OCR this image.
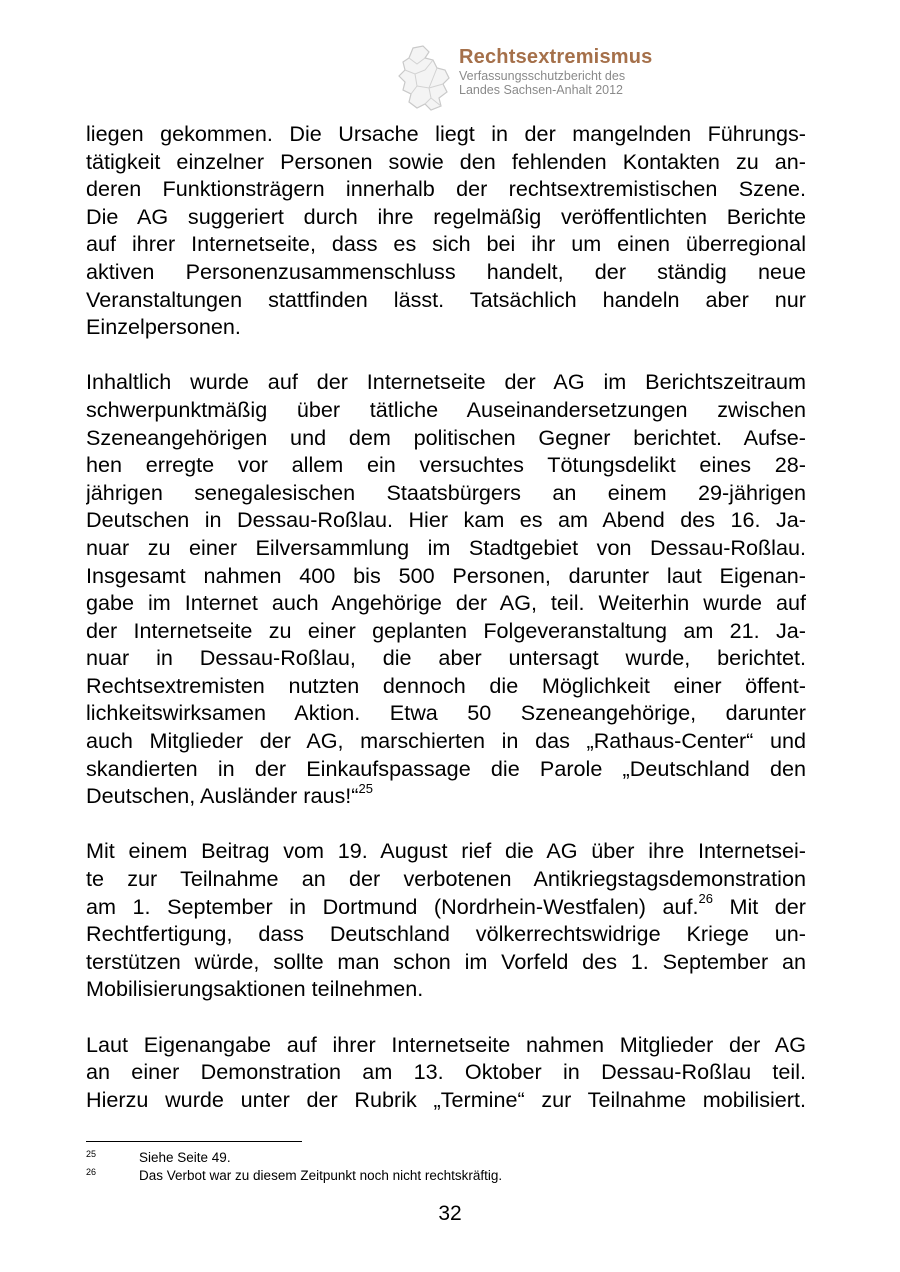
Rechtsextremismus
Verfassungsschutzbericht des
Landes Sachsen-Anhalt 2012
liegen gekommen. Die Ursache liegt in der mangelnden Führungs-
tätigkeit einzelner Personen sowie den fehlenden Kontakten zu an-
deren Funktionsträgern innerhalb der rechtsextremistischen Szene.
Die AG suggeriert durch ihre regelmäßig veröffentlichten Berichte
auf ihrer Internetseite, dass es sich bei ihr um einen überregional
aktiven Personenzusammenschluss handelt, der ständig neue
Veranstaltungen stattfinden lässt. Tatsächlich handeln aber nur
Einzelpersonen.
Inhaltlich wurde auf der Internetseite der AG im Berichtszeitraum
schwerpunktmäßig über tätliche Auseinandersetzungen zwischen
Szeneangehörigen und dem politischen Gegner berichtet. Aufse-
hen erregte vor allem ein versuchtes Tötungsdelikt eines 28-
jährigen senegalesischen Staatsbürgers an einem 29-jährigen
Deutschen in Dessau-Roßlau. Hier kam es am Abend des 16. Ja-
nuar zu einer Eilversammlung im Stadtgebiet von Dessau-Roßlau.
Insgesamt nahmen 400 bis 500 Personen, darunter laut Eigenan-
gabe im Internet auch Angehörige der AG, teil. Weiterhin wurde auf
der Internetseite zu einer geplanten Folgeveranstaltung am 21. Ja-
nuar in Dessau-Roßlau, die aber untersagt wurde, berichtet.
Rechtsextremisten nutzten dennoch die Möglichkeit einer öffent-
lichkeitswirksamen Aktion. Etwa 50 Szeneangehörige, darunter
auch Mitglieder der AG, marschierten in das „Rathaus-Center“ und
skandierten in der Einkaufspassage die Parole „Deutschland den
Deutschen, Ausländer raus!“$^{25}$
Mit einem Beitrag vom 19. August rief die AG über ihre Internetsei-
te zur Teilnahme an der verbotenen Antikriegstagsdemonstration
am 1. September in Dortmund (Nordrhein-Westfalen) auf.$^{26}$ Mit der
Rechtfertigung, dass Deutschland völkerrechtswidrige Kriege un-
terstützen würde, sollte man schon im Vorfeld des 1. September an
Mobilisierungsaktionen teilnehmen.
Laut Eigenangabe auf ihrer Internetseite nahmen Mitglieder der AG
an einer Demonstration am 13. Oktober in Dessau-Roßlau teil.
Hierzu wurde unter der Rubrik „Termine“ zur Teilnahme mobilisiert.
25	Siehe Seite 49.
26	Das Verbot war zu diesem Zeitpunkt noch nicht rechtskräftig.
32
